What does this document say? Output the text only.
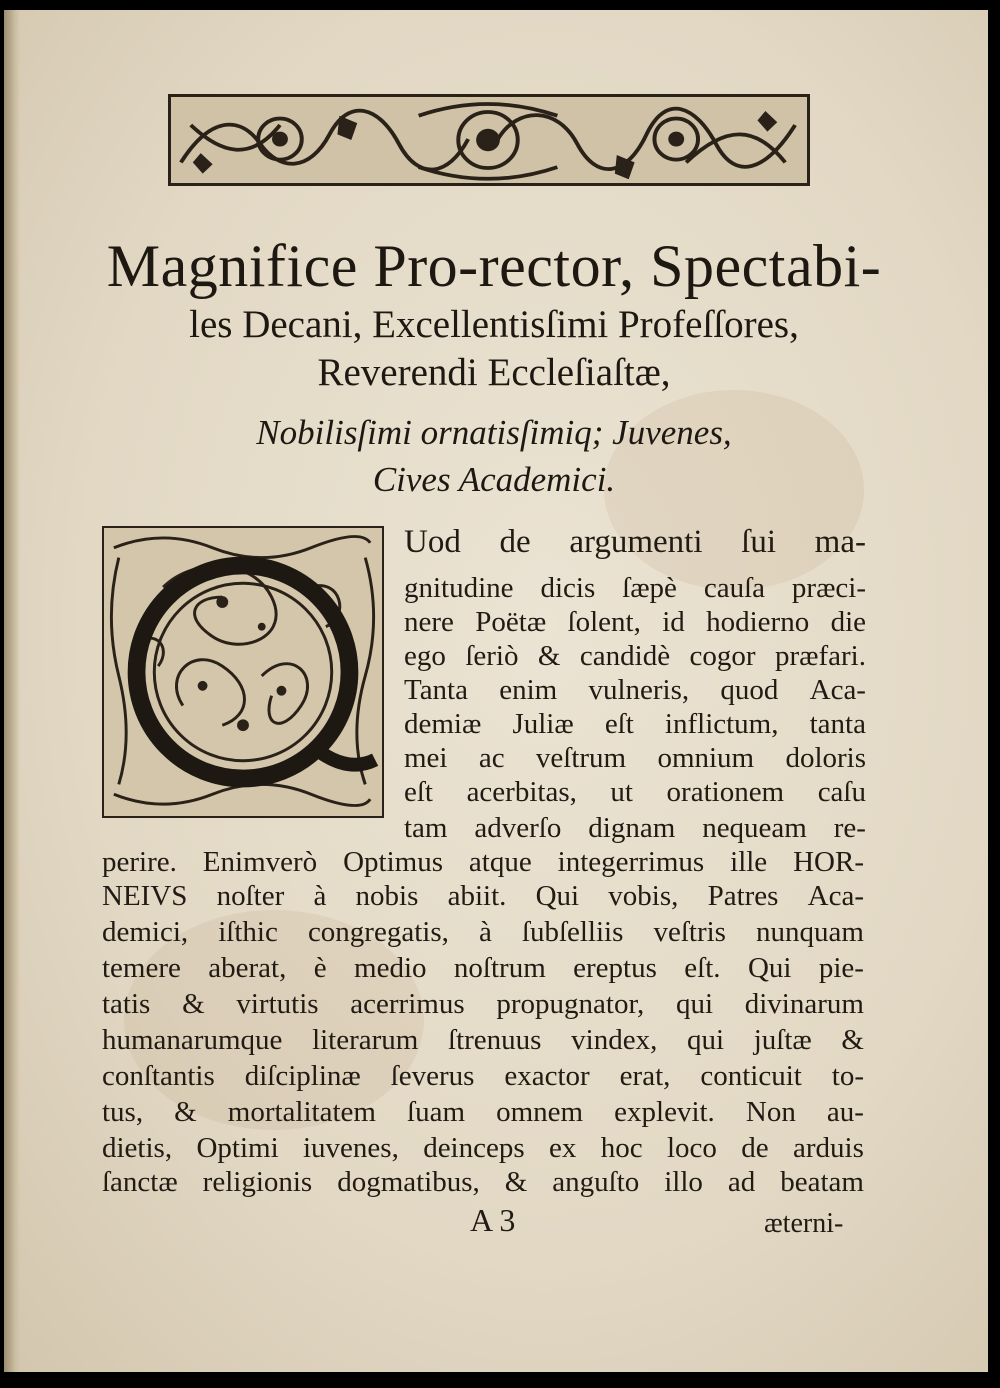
Magnifice Pro-rector, Spectabi-
les Decani, Excellentisſimi Profeſſores,
Reverendi Eccleſiaſtæ,
Nobilisſimi ornatisſimiq; Juvenes,
Cives Academici.
Uod de argumenti ſui ma-
gnitudine dicis ſæpè cauſa præci-
nere Poëtæ ſolent, id hodierno die
ego ſeriò & candidè cogor præfari.
Tanta enim vulneris, quod Aca-
demiæ Juliæ eſt inflictum, tanta
mei ac veſtrum omnium doloris
eſt acerbitas, ut orationem caſu
tam adverſo dignam nequeam re-
perire. Enimverò Optimus atque integerrimus ille HOR-
NEIVS noſter à nobis abiit. Qui vobis, Patres Aca-
demici, iſthic congregatis, à ſubſelliis veſtris nunquam
temere aberat, è medio noſtrum ereptus eſt. Qui pie-
tatis & virtutis acerrimus propugnator, qui divinarum
humanarumque literarum ſtrenuus vindex, qui juſtæ &
conſtantis diſciplinæ ſeverus exactor erat, conticuit to-
tus, & mortalitatem ſuam omnem explevit. Non au-
dietis, Optimi iuvenes, deinceps ex hoc loco de arduis
ſanctæ religionis dogmatibus, & anguſto illo ad beatam
A 3	æterni-
